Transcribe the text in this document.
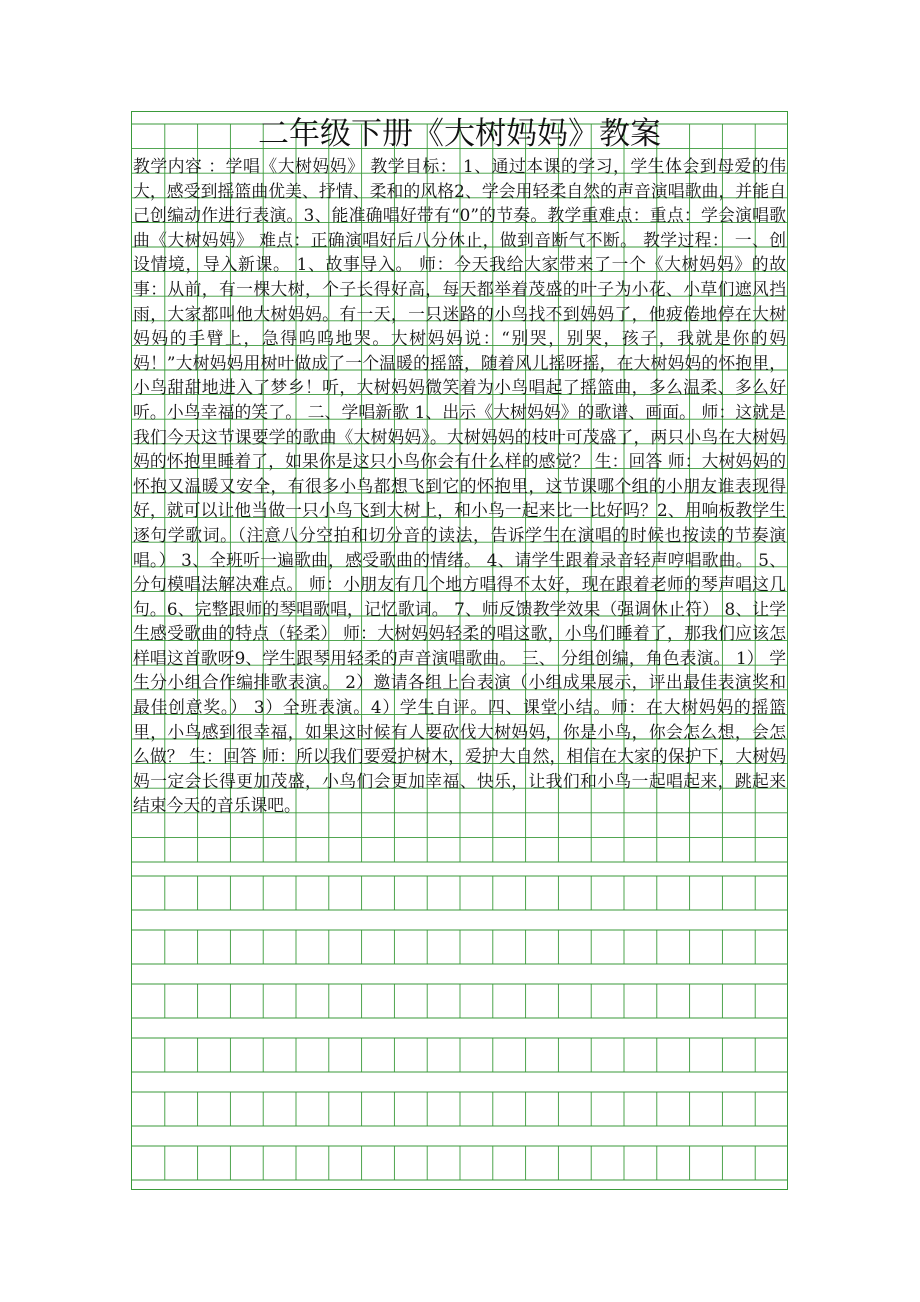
二年级下册《大树妈妈》教案

教学内容 ：学唱《大树妈妈》 教学目标： 1、通过本课的学习，学生体会到母爱的伟大，感受到摇篮曲优美、抒情、柔和的风格2、学会用轻柔自然的声音演唱歌曲，并能自己创编动作进行表演。3、能准确唱好带有“0”的节奏。教学重难点：重点：学会演唱歌曲《大树妈妈》 难点：正确演唱好后八分休止，做到音断气不断。 教学过程： 一、创设情境，导入新课。 1、故事导入。 师：今天我给大家带来了一个《大树妈妈》的故事：从前，有一棵大树，个子长得好高，每天都举着茂盛的叶子为小花、小草们遮风挡雨，大家都叫他大树妈妈。有一天，一只迷路的小鸟找不到妈妈了，他疲倦地停在大树妈妈的手臂上，急得呜呜地哭。大树妈妈说：“别哭，别哭，孩子，我就是你的妈妈！”大树妈妈用树叶做成了一个温暖的摇篮，随着风儿摇呀摇，在大树妈妈的怀抱里，小鸟甜甜地进入了梦乡！听，大树妈妈微笑着为小鸟唱起了摇篮曲，多么温柔、多么好听。小鸟幸福的笑了。 二、学唱新歌 1、出示《大树妈妈》的歌谱、画面。 师：这就是我们今天这节课要学的歌曲《大树妈妈》。大树妈妈的枝叶可茂盛了，两只小鸟在大树妈妈的怀抱里睡着了，如果你是这只小鸟你会有什么样的感觉？ 生：回答 师：大树妈妈的怀抱又温暖又安全，有很多小鸟都想飞到它的怀抱里，这节课哪个组的小朋友谁表现得好，就可以让他当做一只小鸟飞到大树上，和小鸟一起来比一比好吗？2、用响板教学生逐句学歌词。（注意八分空拍和切分音的读法，告诉学生在演唱的时候也按读的节奏演唱。） 3、全班听一遍歌曲，感受歌曲的情绪。 4、请学生跟着录音轻声哼唱歌曲。 5、分句模唱法解决难点。 师：小朋友有几个地方唱得不太好，现在跟着老师的琴声唱这几句。6、完整跟师的琴唱歌唱，记忆歌词。 7、师反馈教学效果（强调休止符） 8、让学生感受歌曲的特点（轻柔） 师：大树妈妈轻柔的唱这歌，小鸟们睡着了，那我们应该怎样唱这首歌呀9、学生跟琴用轻柔的声音演唱歌曲。 三、 分组创编，角色表演。 1） 学生分小组合作编排歌表演。 2）邀请各组上台表演（小组成果展示，评出最佳表演奖和最佳创意奖。） 3）全班表演。4）学生自评。四、课堂小结。师：在大树妈妈的摇篮里，小鸟感到很幸福，如果这时候有人要砍伐大树妈妈，你是小鸟，你会怎么想，会怎么做？ 生：回答 师：所以我们要爱护树木，爱护大自然，相信在大家的保护下，大树妈妈一定会长得更加茂盛，小鸟们会更加幸福、快乐，让我们和小鸟一起唱起来，跳起来结束今天的音乐课吧。
